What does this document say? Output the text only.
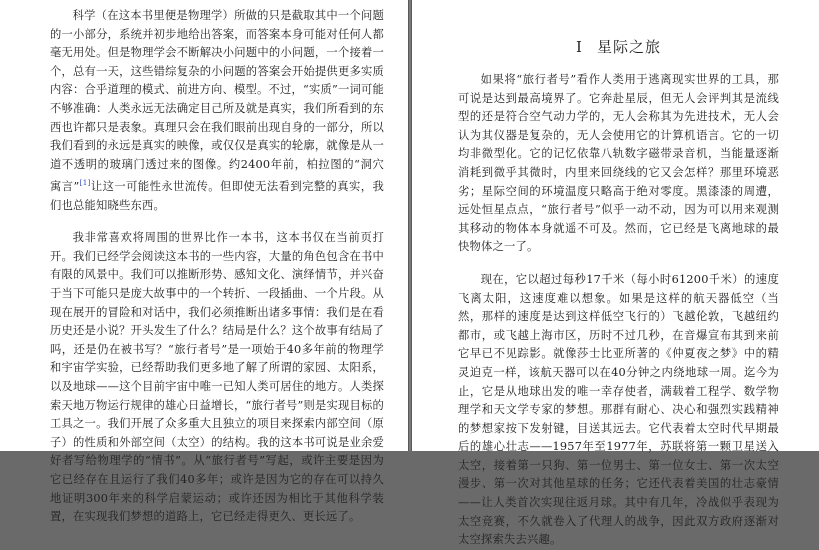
科学（在这本书里便是物理学）所做的只是截取其中一个问题的一小部分，系统并初步地给出答案，而答案本身可能对任何人都毫无用处。但是物理学会不断解决小问题中的小问题，一个接着一个，总有一天，这些错综复杂的小问题的答案会开始提供更多实质内容：合乎道理的模式、前进方向、模型。不过，“实质”一词可能不够准确：人类永远无法确定目己所及就是真实，我们所看到的东西也许都只是表象。真理只会在我们眼前出现自身的一部分，所以我们看到的永远是真实的映像，或仅仅是真实的轮廓，就像是从一道不透明的玻璃门透过来的图像。约2400年前，柏拉图的“洞穴寓言”[1]让这一可能性永世流传。但即使无法看到完整的真实，我们也总能知晓些东西。

我非常喜欢将周围的世界比作一本书，这本书仅在当前页打开。我们已经学会阅读这本书的一些内容，大量的角色包含在书中有限的风景中。我们可以推断形势、感知文化、演绎情节，并兴奋于当下可能只是庞大故事中的一个转折、一段插曲、一个片段。从现在展开的冒险和对话中，我们必须推断出诸多事情：我们是在看历史还是小说？开头发生了什么？结局是什么？这个故事有结局了吗，还是仍在被书写？“旅行者号”是一项始于40多年前的物理学和宇宙学实验，已经帮助我们更多地了解了所谓的家园、太阳系，以及地球——这个目前宇宙中唯一已知人类可居住的地方。人类探索天地万物运行规律的雄心日益增长，“旅行者号”则是实现目标的工具之一。我们开展了众多重大且独立的项目来探索内部空间（原子）的性质和外部空间（太空）的结构。我的这本书可说是业余爱好者写给物理学的“情书”。从“旅行者号”写起，或许主要是因为它已经存在且运行了我们40多年；或许是因为它的存在可以持久地证明300年来的科学启蒙运动；或许还因为相比于其他科学装置，在实现我们梦想的道路上，它已经走得更久、更长远了。

I 星际之旅

如果将“旅行者号”看作人类用于逃离现实世界的工具，那可说是达到最高境界了。它奔赴星辰，但无人会评判其是流线型的还是符合空气动力学的，无人会称其为先进技术，无人会认为其仪器是复杂的，无人会使用它的计算机语言。它的一切均非微型化。它的记忆依靠八轨数字磁带录音机，当能量逐渐消耗到微乎其微时，内里来回绕线的它又会怎样？那里环境恶劣；星际空间的环境温度只略高于绝对零度。黑漆漆的周遭，远处恒星点点，“旅行者号”似乎一动不动，因为可以用来观测其移动的物体本身就遥不可及。然而，它已经是飞离地球的最快物体之一了。

现在，它以超过每秒17千米（每小时61200千米）的速度飞离太阳，这速度难以想象。如果是这样的航天器低空（当然，那样的速度是达到这样低空飞行的）飞越伦敦，飞越纽约都市，或飞越上海市区，历时不过几秒，在音爆宣布其到来前它早已不见踪影。就像莎士比亚所著的《仲夏夜之梦》中的精灵迫克一样，该航天器可以在40分钟之内绕地球一周。迄今为止，它是从地球出发的唯一幸存使者，满载着工程学、数学物理学和天文学专家的梦想。那群有耐心、决心和强烈实践精神的梦想家按下发射键，目送其远去。它代表着太空时代早期最后的雄心壮志——1957年至1977年，苏联将第一颗卫星送入太空，接着第一只狗、第一位男士、第一位女士、第一次太空漫步、第一次对其他星球的任务；它还代表着美国的壮志豪情——让人类首次实现往返月球。其中有几年，冷战似乎表现为太空竞赛，不久就卷入了代理人的战争，因此双方政府逐渐对太空探索失去兴趣。
